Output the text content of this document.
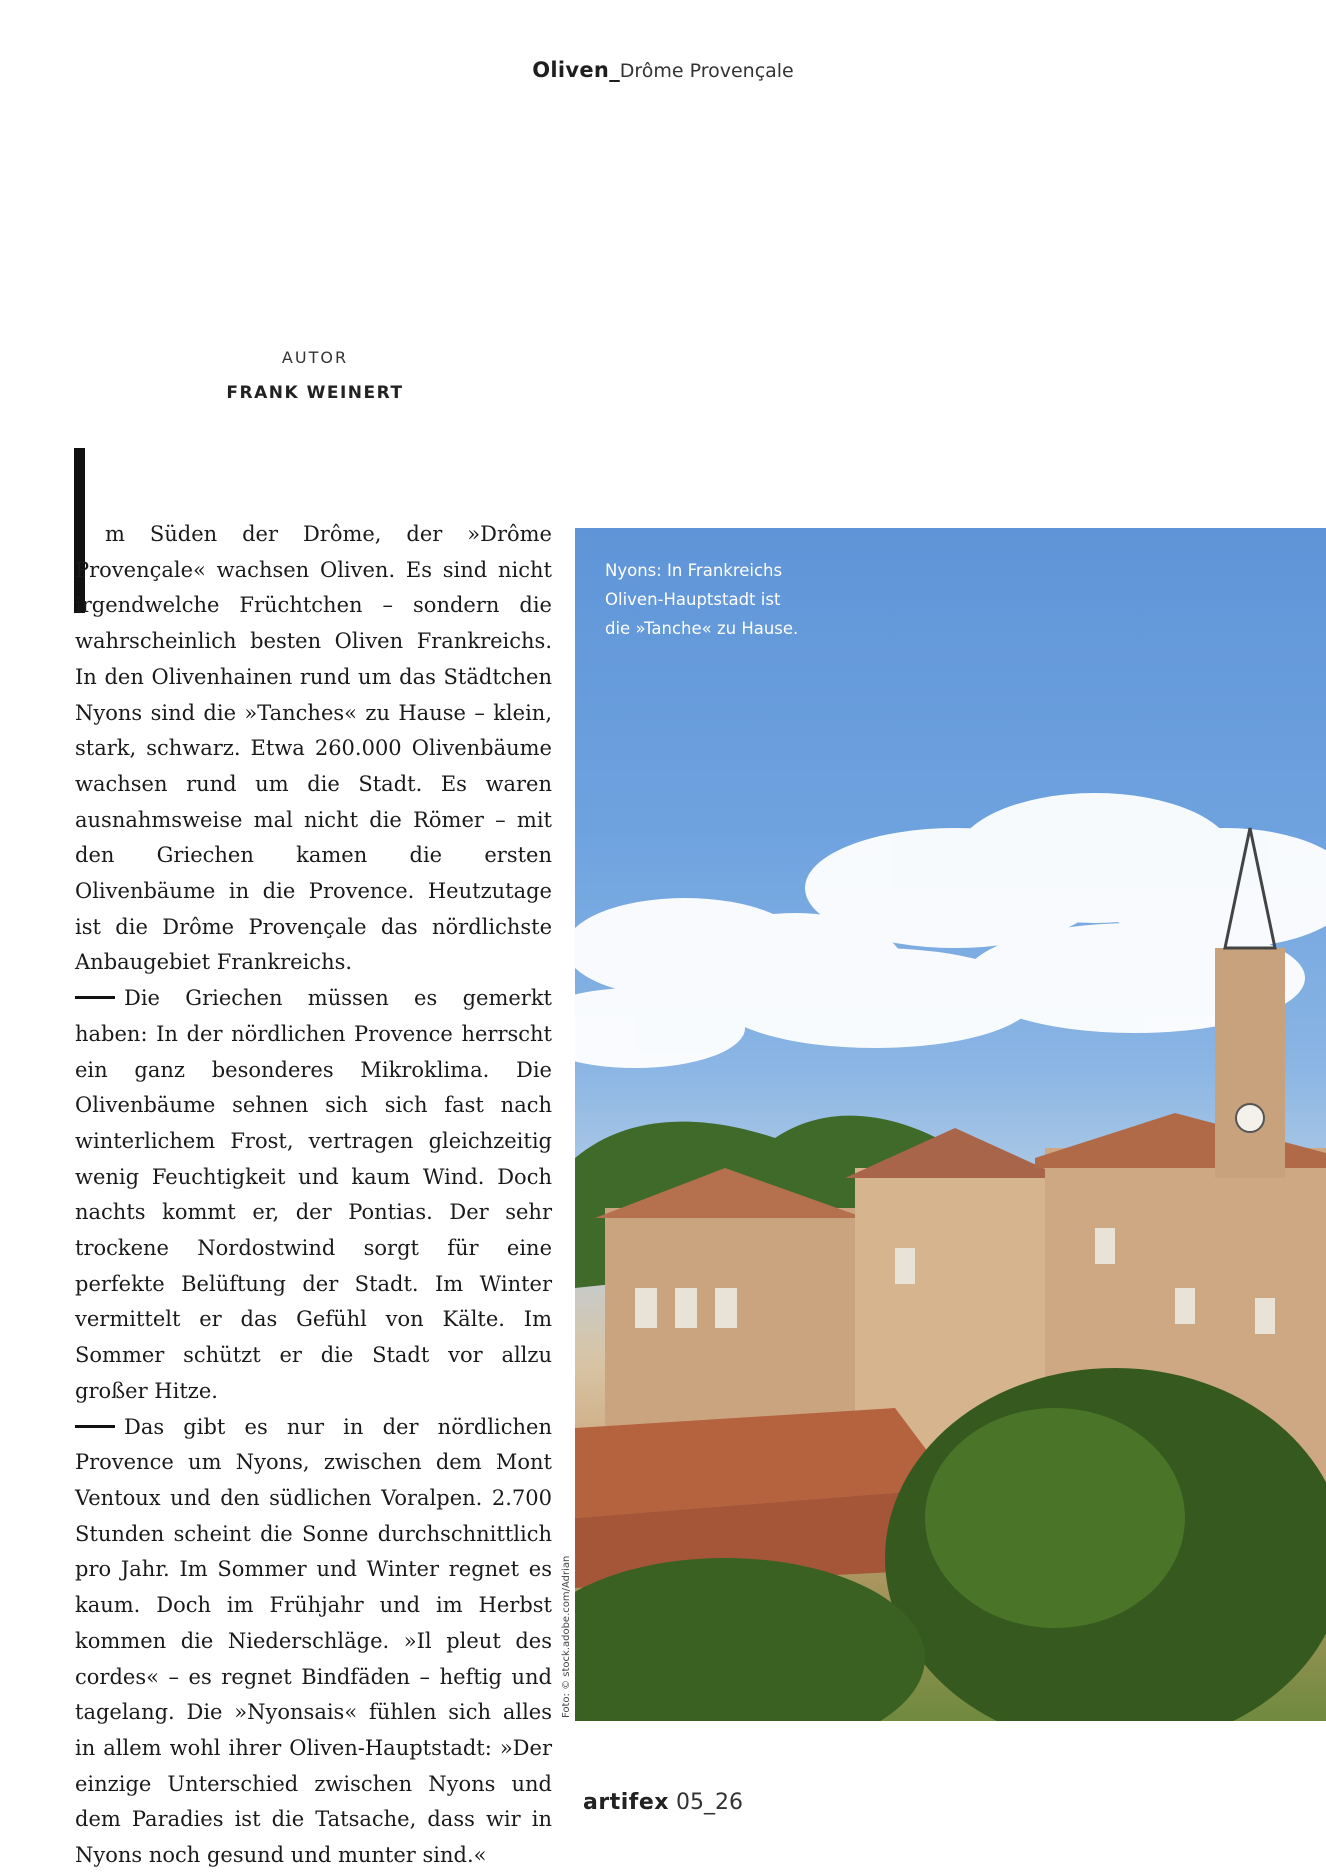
Oliven_Drôme Provençale
AUTOR
FRANK WEINERT

m Süden der Drôme, der »Drôme Provençale« wachsen Oliven. Es sind nicht irgendwelche Früchtchen – sondern die wahrscheinlich besten Oliven Frankreichs. In den Olivenhainen rund um das Städtchen Nyons sind die »Tanches« zu Hause – klein, stark, schwarz. Etwa 260.000 Olivenbäume wachsen rund um die Stadt. Es waren ausnahmsweise mal nicht die Römer – mit den Griechen kamen die ersten Olivenbäume in die Provence. Heutzutage ist die Drôme Provençale das nördlichste Anbaugebiet Frankreichs.

Die Griechen müssen es gemerkt haben: In der nördlichen Provence herrscht ein ganz besonderes Mikroklima. Die Olivenbäume sehnen sich sich fast nach winterlichem Frost, vertragen gleichzeitig wenig Feuchtigkeit und kaum Wind. Doch nachts kommt er, der Pontias. Der sehr trockene Nordostwind sorgt für eine perfekte Belüftung der Stadt. Im Winter vermittelt er das Gefühl von Kälte. Im Sommer schützt er die Stadt vor allzu großer Hitze.

Das gibt es nur in der nördlichen Provence um Nyons, zwischen dem Mont Ventoux und den südlichen Voralpen. 2.700 Stunden scheint die Sonne durchschnittlich pro Jahr. Im Sommer und Winter regnet es kaum. Doch im Frühjahr und im Herbst kommen die Niederschläge. »Il pleut des cordes« – es regnet Bindfäden – heftig und tagelang. Die »Nyonsais« fühlen sich alles in allem wohl ihrer Oliven-Hauptstadt: »Der einzige Unterschied zwischen Nyons und dem Paradies ist die Tatsache, dass wir in Nyons noch gesund und munter sind.«

Nyons: In Frankreichs Oliven-Hauptstadt ist die »Tanche« zu Hause.
Foto: © stock.adobe.com/Adrian
artifex 05_26
